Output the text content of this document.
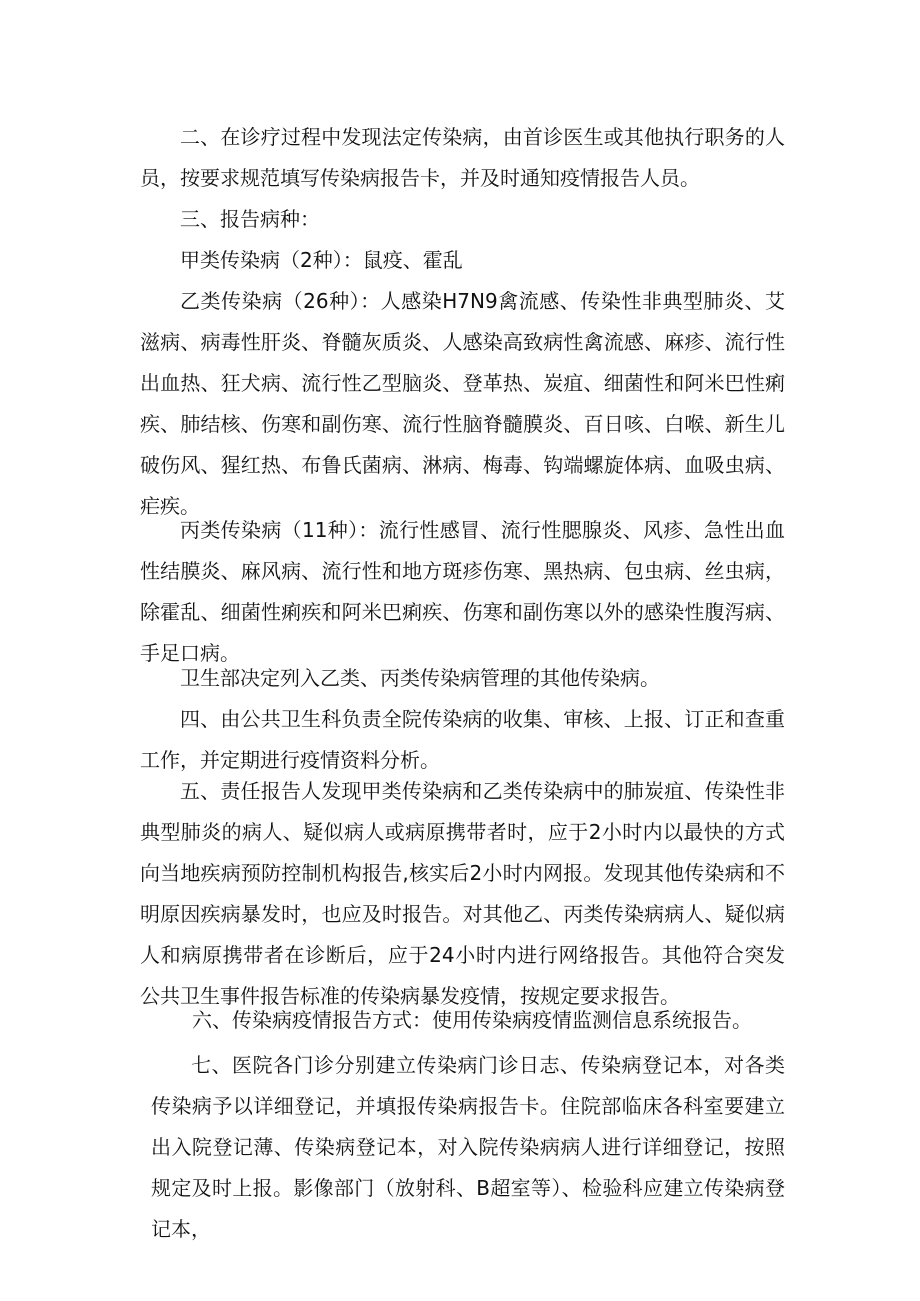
二、在诊疗过程中发现法定传染病，由首诊医生或其他执行职务的人员，按要求规范填写传染病报告卡，并及时通知疫情报告人员。

三、报告病种：

甲类传染病（2种）：鼠疫、霍乱

乙类传染病（26种）：人感染H7N9禽流感、传染性非典型肺炎、艾滋病、病毒性肝炎、脊髓灰质炎、人感染高致病性禽流感、麻疹、流行性出血热、狂犬病、流行性乙型脑炎、登革热、炭疽、细菌性和阿米巴性痢疾、肺结核、伤寒和副伤寒、流行性脑脊髓膜炎、百日咳、白喉、新生儿破伤风、猩红热、布鲁氏菌病、淋病、梅毒、钩端螺旋体病、血吸虫病、疟疾。

丙类传染病（11种）：流行性感冒、流行性腮腺炎、风疹、急性出血性结膜炎、麻风病、流行性和地方斑疹伤寒、黑热病、包虫病、丝虫病，除霍乱、细菌性痢疾和阿米巴痢疾、伤寒和副伤寒以外的感染性腹泻病、手足口病。

卫生部决定列入乙类、丙类传染病管理的其他传染病。

四、由公共卫生科负责全院传染病的收集、审核、上报、订正和查重工作，并定期进行疫情资料分析。

五、责任报告人发现甲类传染病和乙类传染病中的肺炭疽、传染性非典型肺炎的病人、疑似病人或病原携带者时，应于2小时内以最快的方式向当地疾病预防控制机构报告,核实后2小时内网报。发现其他传染病和不明原因疾病暴发时，也应及时报告。对其他乙、丙类传染病病人、疑似病人和病原携带者在诊断后，应于24小时内进行网络报告。其他符合突发公共卫生事件报告标准的传染病暴发疫情，按规定要求报告。

六、传染病疫情报告方式：使用传染病疫情监测信息系统报告。

七、医院各门诊分别建立传染病门诊日志、传染病登记本，对各类传染病予以详细登记，并填报传染病报告卡。住院部临床各科室要建立出入院登记薄、传染病登记本，对入院传染病病人进行详细登记，按照规定及时上报。影像部门（放射科、B超室等）、检验科应建立传染病登记本，
